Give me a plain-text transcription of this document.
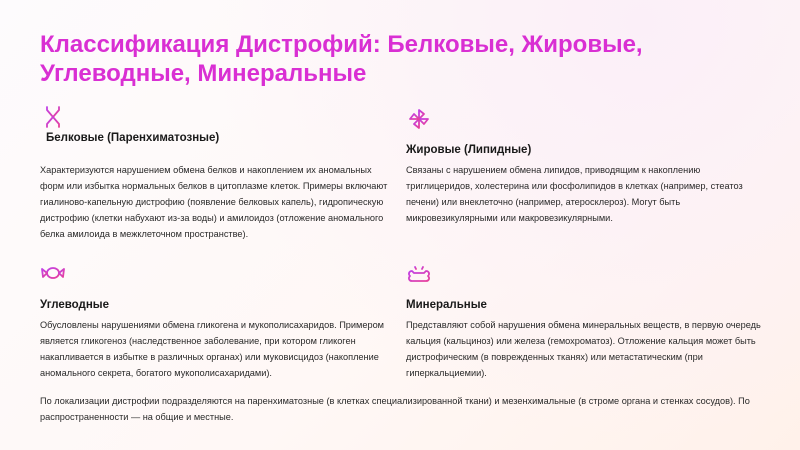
Классификация Дистрофий: Белковые, Жировые, Углеводные, Минеральные
Белковые (Паренхиматозные)

Характеризуются нарушением обмена белков и накоплением их аномальных форм или избытка нормальных белков в цитоплазме клеток. Примеры включают гиалиново-капельную дистрофию (появление белковых капель), гидропическую дистрофию (клетки набухают из-за воды) и амилоидоз (отложение аномального белка амилоида в межклеточном пространстве).

Жировые (Липидные)

Связаны с нарушением обмена липидов, приводящим к накоплению триглицеридов, холестерина или фосфолипидов в клетках (например, стеатоз печени) или внеклеточно (например, атеросклероз). Могут быть микровезикулярными или макровезикулярными.

Углеводные

Обусловлены нарушениями обмена гликогена и мукополисахаридов. Примером является гликогеноз (наследственное заболевание, при котором гликоген накапливается в избытке в различных органах) или муковисцидоз (накопление аномального секрета, богатого мукополисахаридами).

Минеральные

Представляют собой нарушения обмена минеральных веществ, в первую очередь кальция (кальциноз) или железа (гемохроматоз). Отложение кальция может быть дистрофическим (в поврежденных тканях) или метастатическим (при гиперкальциемии).

По локализации дистрофии подразделяются на паренхиматозные (в клетках специализированной ткани) и мезенхимальные (в строме органа и стенках сосудов). По распространенности — на общие и местные.
